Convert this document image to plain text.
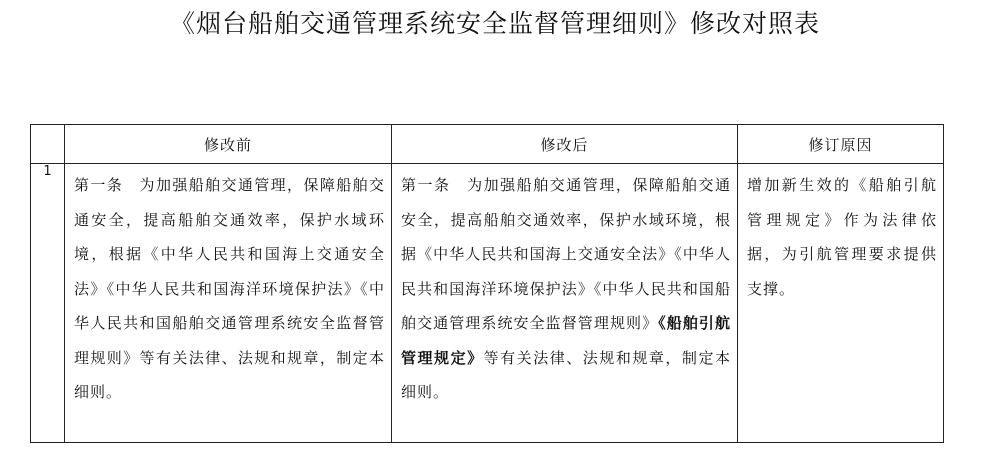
《烟台船舶交通管理系统安全监督管理细则》修改对照表
	修改前	修改后	修订原因
1	第一条　为加强船舶交通管理，保障船舶交通安全，提高船舶交通效率，保护水域环境，根据《中华人民共和国海上交通安全法》《中华人民共和国海洋环境保护法》《中华人民共和国船舶交通管理系统安全监督管理规则》等有关法律、法规和规章，制定本细则。	第一条　为加强船舶交通管理，保障船舶交通安全，提高船舶交通效率，保护水域环境，根据《中华人民共和国海上交通安全法》《中华人民共和国海洋环境保护法》《中华人民共和国船舶交通管理系统安全监督管理规则》《船舶引航管理规定》等有关法律、法规和规章，制定本细则。	增加新生效的《船舶引航管理规定》作为法律依据，为引航管理要求提供支撑。
